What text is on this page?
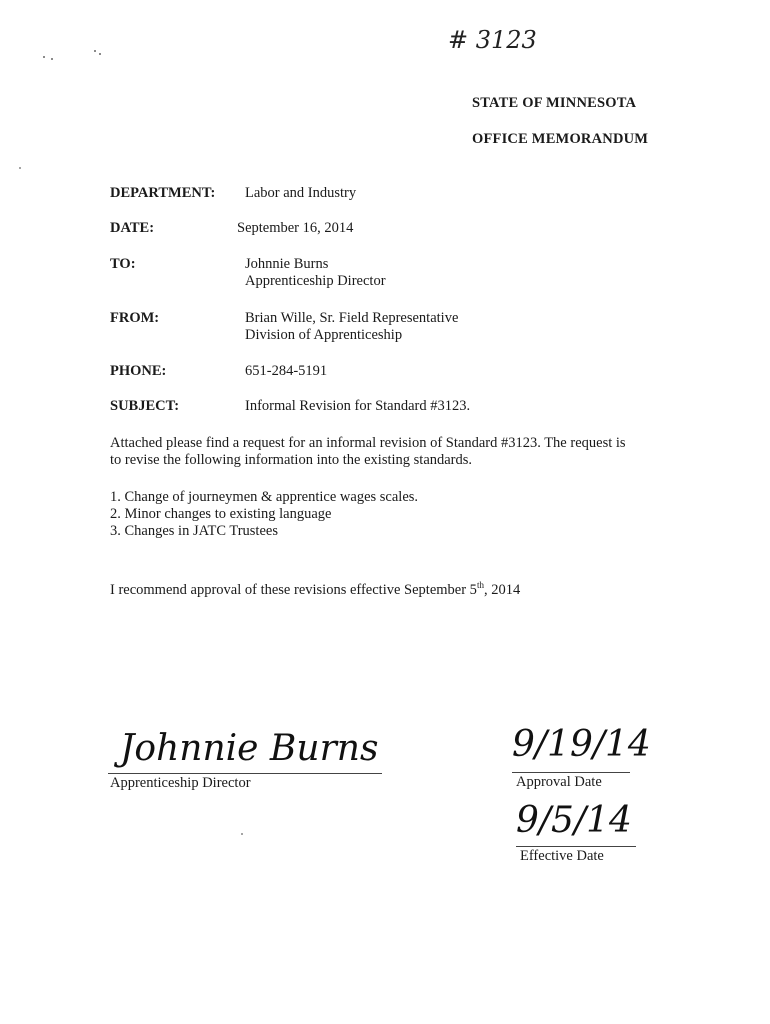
# 3123
STATE OF MINNESOTA
OFFICE MEMORANDUM
DEPARTMENT: Labor and Industry
DATE:	September 16, 2014
TO:	Johnnie Burns
Apprenticeship Director
FROM:	Brian Wille, Sr. Field Representative
Division of Apprenticeship
PHONE:	651-284-5191
SUBJECT:	Informal Revision for Standard #3123.
Attached please find a request for an informal revision of Standard #3123. The request is
to revise the following information into the existing standards.
1. Change of journeymen & apprentice wages scales.
2. Minor changes to existing language
3. Changes in JATC Trustees
I recommend approval of these revisions effective September 5th, 2014
Johnnie Burns
Apprenticeship Director
9/19/14
Approval Date
9/5/14
Effective Date
